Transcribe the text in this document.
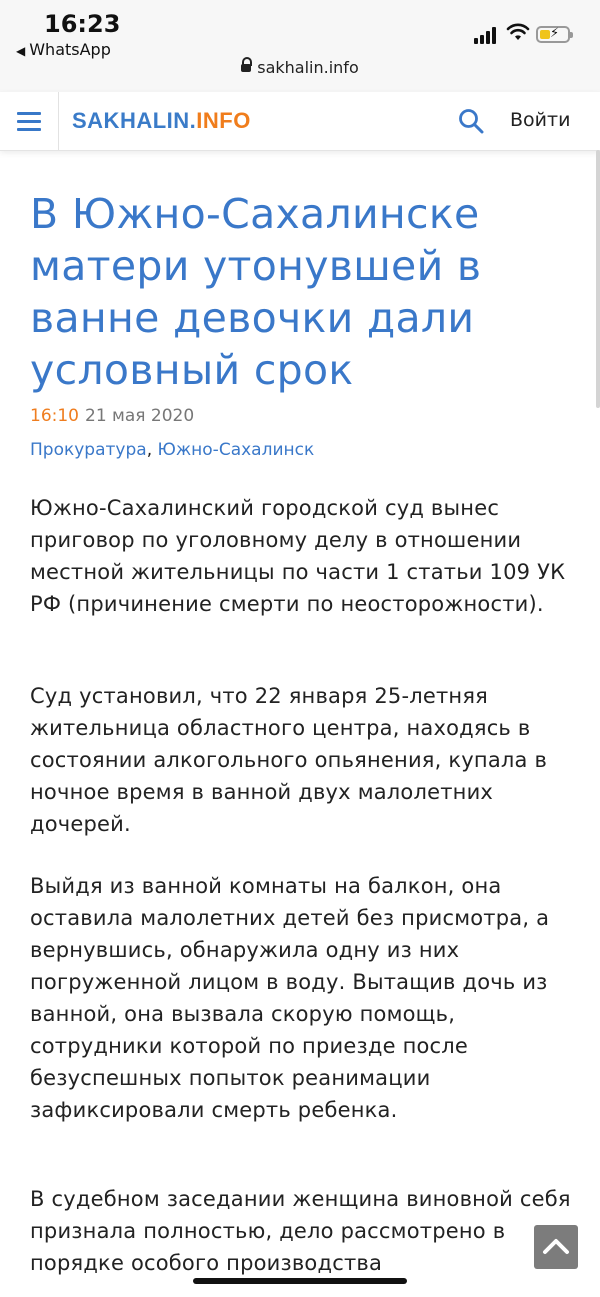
16:23
◀ WhatsApp
⚡
sakhalin.info
SAKHALIN.INFO	Войти
В Южно-Сахалинске матери утонувшей в ванне девочки дали условный срок
16:10 21 мая 2020
Прокуратура, Южно-Сахалинск

Южно-Сахалинский городской суд вынес приговор по уголовному делу в отношении местной жительницы по части 1 статьи 109 УК РФ (причинение смерти по неосторожности).

Суд установил, что 22 января 25-летняя жительница областного центра, находясь в состоянии алкогольного опьянения, купала в ночное время в ванной двух малолетних дочерей.

Выйдя из ванной комнаты на балкон, она оставила малолетних детей без присмотра, а вернувшись, обнаружила одну из них погруженной лицом в воду. Вытащив дочь из ванной, она вызвала скорую помощь, сотрудники которой по приезде после безуспешных попыток реанимации зафиксировали смерть ребенка.

В судебном заседании женщина виновной себя признала полностью, дело рассмотрено в порядке особого производства
